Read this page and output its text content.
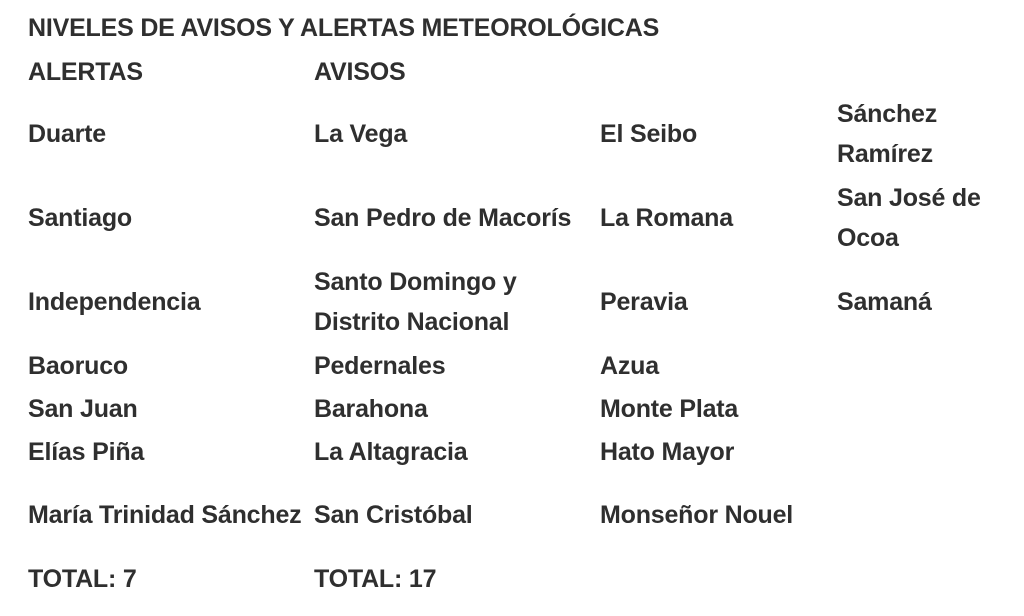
NIVELES DE AVISOS Y ALERTAS METEOROLÓGICAS
ALERTAS	AVISOS		
Duarte	La Vega	El Seibo	Sánchez Ramírez
Santiago	San Pedro de Macorís	La Romana	San José de Ocoa
Independencia	Santo Domingo y Distrito Nacional	Peravia	Samaná
Baoruco	Pedernales	Azua	
San Juan	Barahona	Monte Plata	
Elías Piña	La Altagracia	Hato Mayor	
María Trinidad Sánchez	San Cristóbal	Monseñor Nouel	
TOTAL: 7	TOTAL: 17		
